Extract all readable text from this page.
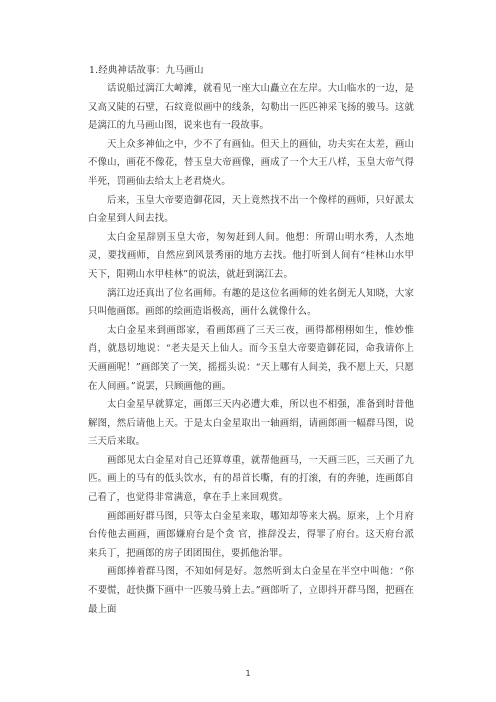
1.经典神话故事：九马画山

话说船过漓江大嶂滩，就看见一座大山矗立在左岸。大山临水的一边，是又高又陡的石壁，石纹竟似画中的线条，勾勒出一匹匹神采飞扬的骏马。这就是漓江的九马画山图，说来也有一段故事。

天上众多神仙之中，少不了有画仙。但天上的画仙，功夫实在太差，画山不像山，画花不像花，替玉皇大帝画像，画成了一个大王八样，玉皇大帝气得半死，罚画仙去给太上老君烧火。

后来，玉皇大帝要造御花园，天上竟然找不出一个像样的画师，只好派太白金星到人间去找。

太白金星辞别玉皇大帝，匆匆赶到人间。他想：所谓山明水秀，人杰地灵，要找画师，自然应到风景秀丽的地方去找。他打听到人间有“桂林山水甲天下，阳朔山水甲桂林”的说法，就赶到漓江去。

漓江边还真出了位名画师。有趣的是这位名画师的姓名倒无人知晓，大家只叫他画郎。画郎的绘画造诣极高，画什么就像什么。

太白金星来到画郎家，看画郎画了三天三夜，画得都栩栩如生，惟妙惟肖，就恳切地说：“老夫是天上仙人。而今玉皇大帝要造御花园，命我请你上天画画呢！”画郎笑了一笑，摇摇头说：“天上哪有人间美，我不愿上天，只愿在人间画。”说罢，只顾画他的画。

太白金星早就算定，画郎三天内必遭大难，所以也不相强，准备到时昔他解图，然后请他上天。于是太白金星取出一轴画绢，请画郎画一幅群马图，说三天后来取。

画郎见太白金星对自己还算尊重，就帮他画马，一天画三匹，三天画了九匹。画上的马有的低头饮水，有的昂首长嘶，有的打滚，有的奔驰，连画郎自己看了，也觉得非常满意，拿在手上来回观赏。

画郎画好群马图，只等太白金星来取，哪知却等来大祸。原来，上个月府台传他去画画，画郎嫌府台是个贪 官，推辞没去，得罪了府台。这天府台派来兵丁，把画郎的房子团团围住，要抓他治罪。

画郎捧着群马图，不知如何是好。忽然听到太白金星在半空中叫他：“你不要慌，赶快撕下画中一匹骏马骑上去。”画郎听了，立即抖开群马图，把画在最上面

1
